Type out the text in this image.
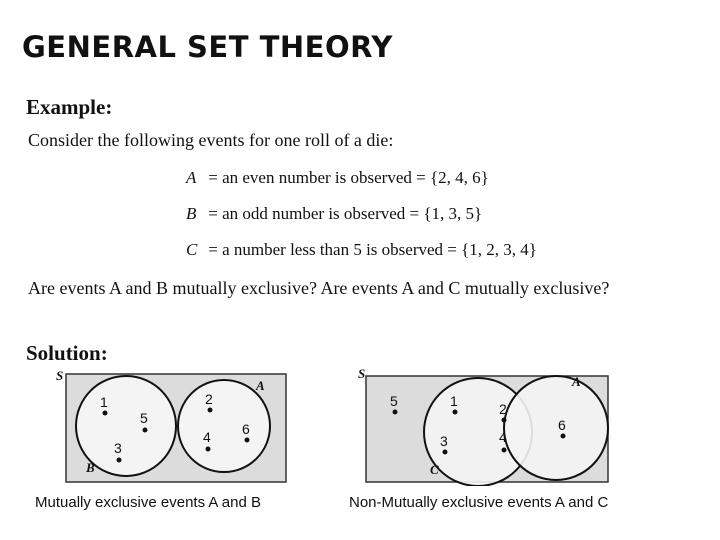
GENERAL SET THEORY
Example:
Consider the following events for one roll of a die:
A = an even number is observed = {2, 4, 6}
B = an odd number is observed = {1, 3, 5}
C = a number less than 5 is observed = {1, 2, 3, 4}
Are events A and B mutually exclusive? Are events A and C mutually exclusive?
Solution:
S
B
A
1
5
3
2
4 6
S
C
A
5	1
3
2
4
6
Mutually exclusive events A and B	Non-Mutually exclusive events A and C
